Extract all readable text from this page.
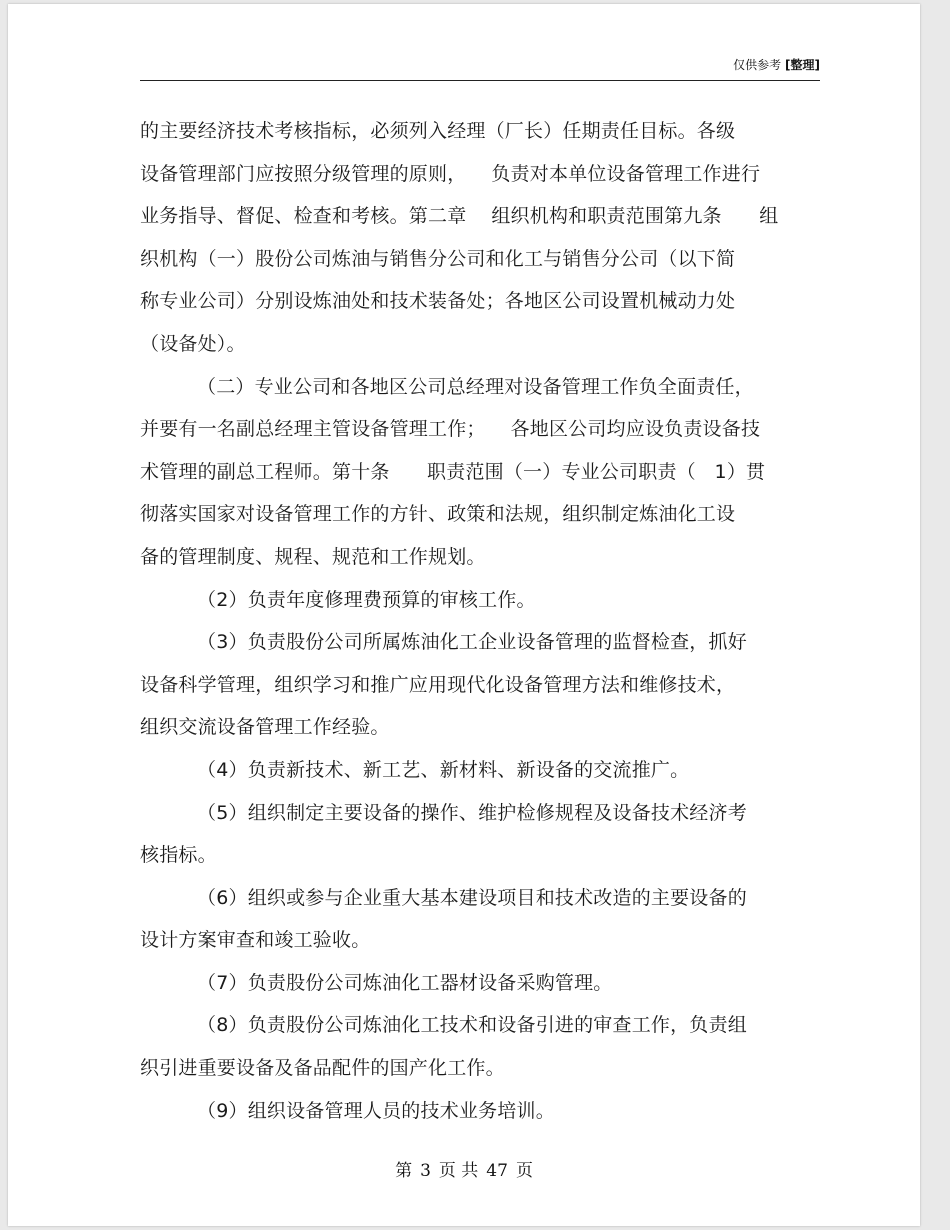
仅供参考 [整理]
的主要经济技术考核指标，必须列入经理（厂长）任期责任目标。各级
设备管理部门应按照分级管理的原则，    负责对本单位设备管理工作进行
业务指导、督促、检查和考核。第二章    组织机构和职责范围第九条      组
织机构（一）股份公司炼油与销售分公司和化工与销售分公司（以下简
称专业公司）分别设炼油处和技术装备处；各地区公司设置机械动力处
（设备处）。
（二）专业公司和各地区公司总经理对设备管理工作负全面责任，
并要有一名副总经理主管设备管理工作；    各地区公司均应设负责设备技
术管理的副总工程师。第十条      职责范围（一）专业公司职责（   1）贯
彻落实国家对设备管理工作的方针、政策和法规，组织制定炼油化工设
备的管理制度、规程、规范和工作规划。
（2）负责年度修理费预算的审核工作。
（3）负责股份公司所属炼油化工企业设备管理的监督检查，抓好
设备科学管理，组织学习和推广应用现代化设备管理方法和维修技术，
组织交流设备管理工作经验。
（4）负责新技术、新工艺、新材料、新设备的交流推广。
（5）组织制定主要设备的操作、维护检修规程及设备技术经济考
核指标。
（6）组织或参与企业重大基本建设项目和技术改造的主要设备的
设计方案审查和竣工验收。
（7）负责股份公司炼油化工器材设备采购管理。
（8）负责股份公司炼油化工技术和设备引进的审查工作，负责组
织引进重要设备及备品配件的国产化工作。
（9）组织设备管理人员的技术业务培训。
第 3 页 共 47 页
